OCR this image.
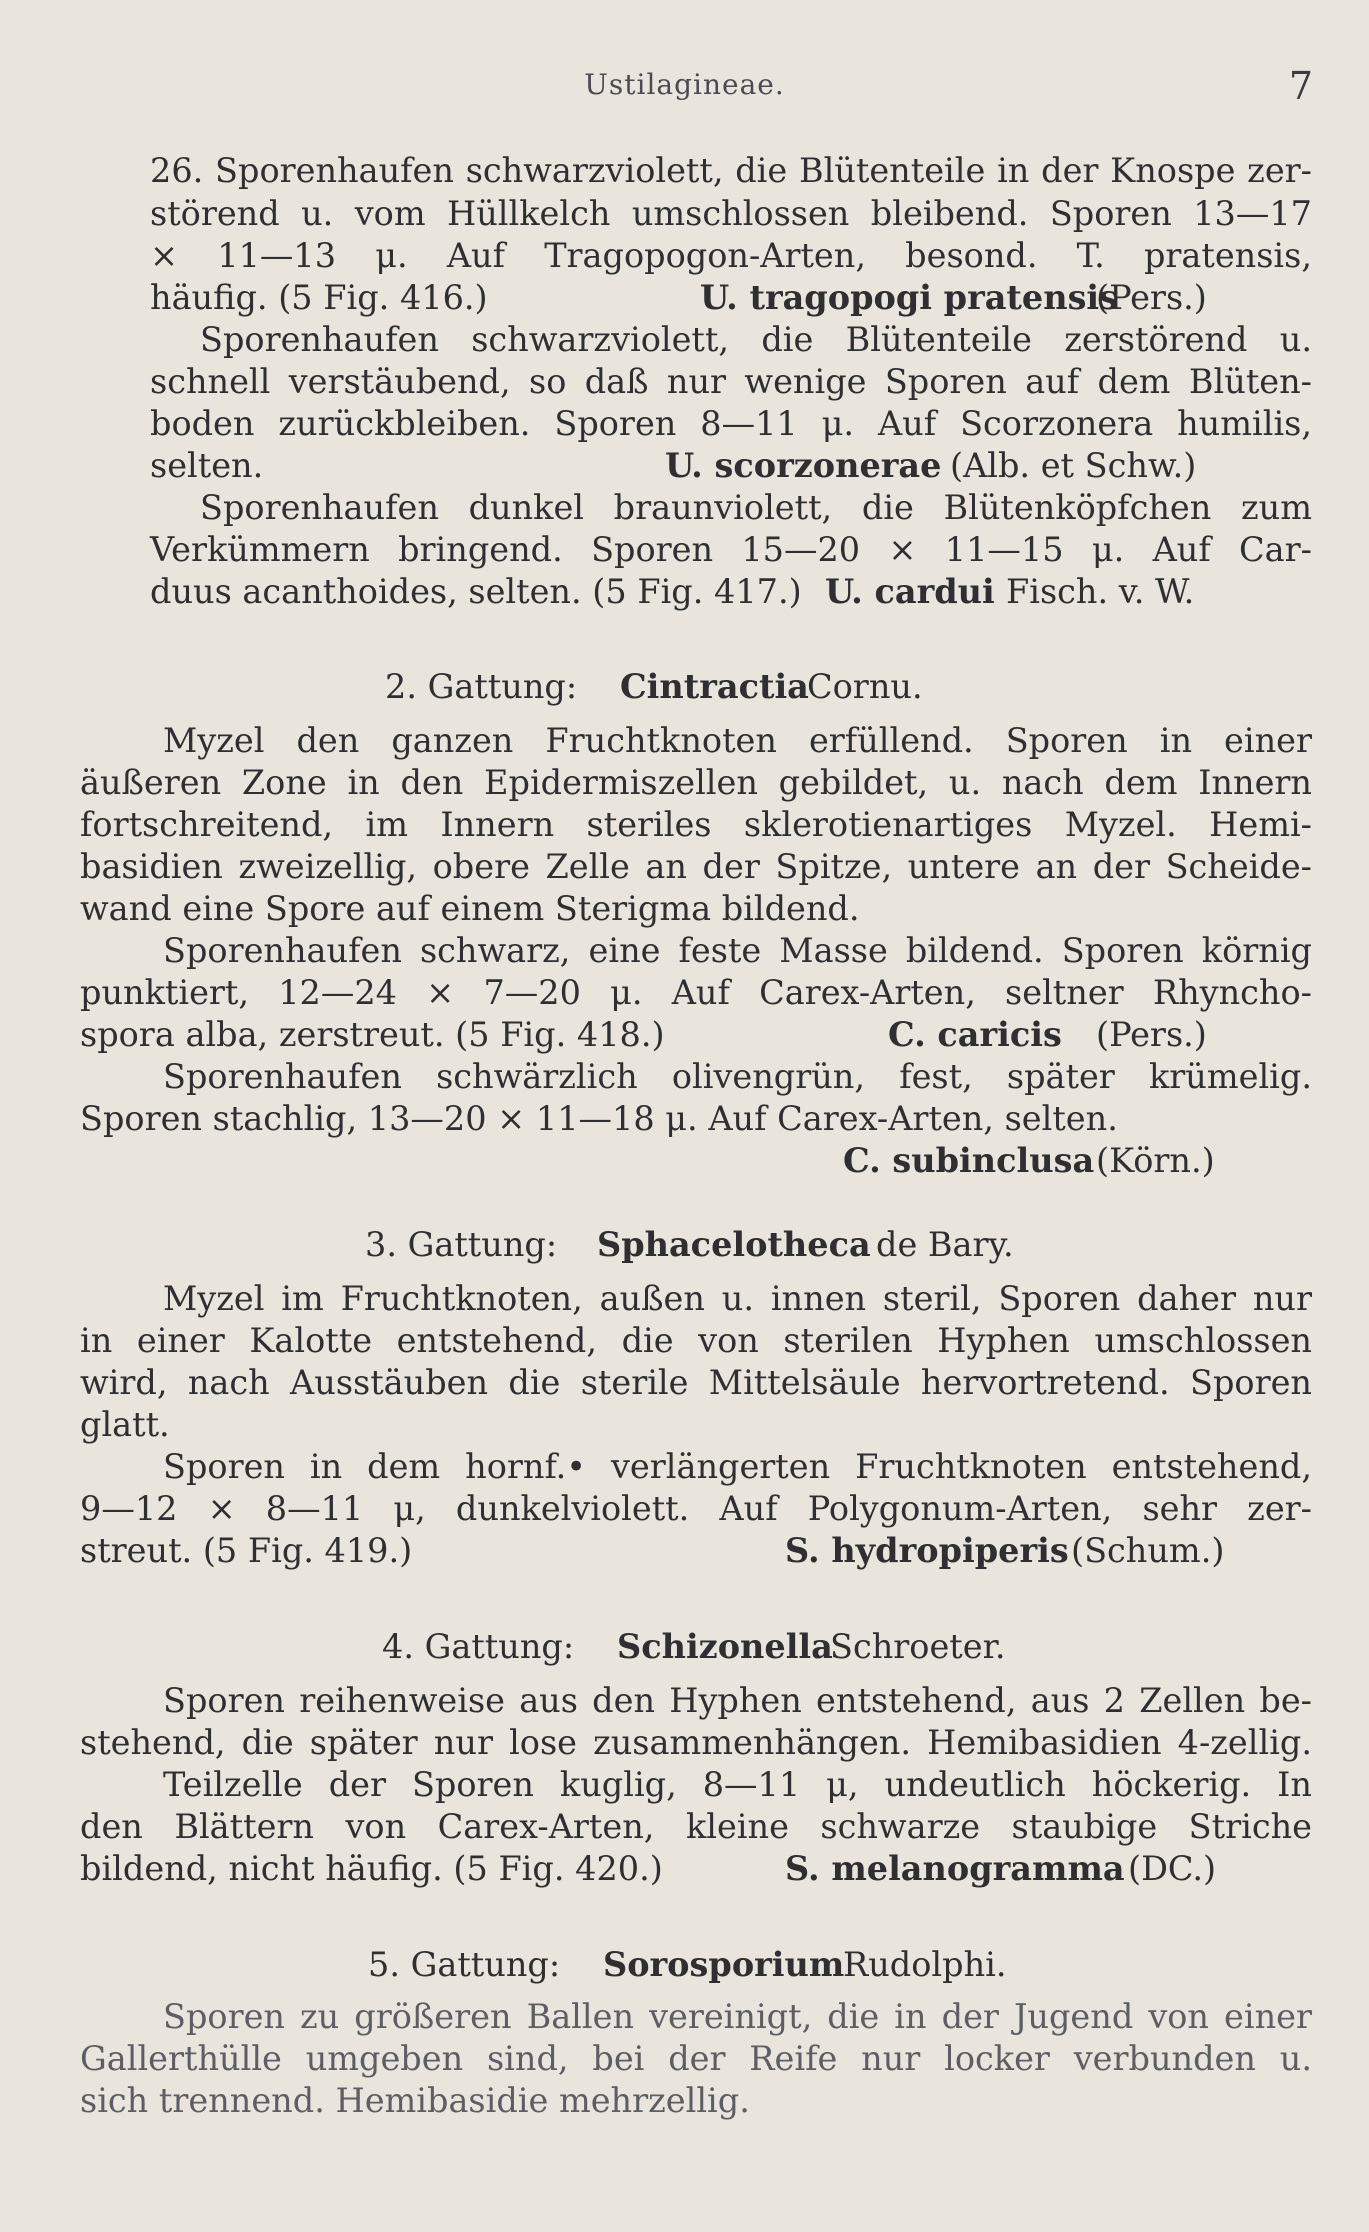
Ustilagineae.	7
26. Sporenhaufen schwarzviolett, die Blütenteile in der Knospe zer-
störend u. vom Hüllkelch umschlossen bleibend. Sporen 13—17
× 11—13 μ. Auf Tragopogon-Arten, besond. T. pratensis,
häufig. (5 Fig. 416.)	U. tragopogi pratensis
(Pers.)
Sporenhaufen schwarzviolett, die Blütenteile zerstörend u.
schnell verstäubend, so daß nur wenige Sporen auf dem Blüten-
boden zurückbleiben. Sporen 8—11 μ. Auf Scorzonera humilis,
selten.	U. scorzonerae (Alb. et Schw.)
Sporenhaufen dunkel braunviolett, die Blütenköpfchen zum
Verkümmern bringend. Sporen 15—20 × 11—15 μ. Auf Car-
duus acanthoides, selten. (5 Fig. 417.) U. cardui Fisch. v. W.
2. Gattung: Cintractia
Cornu.
Myzel den ganzen Fruchtknoten erfüllend. Sporen in einer
äußeren Zone in den Epidermiszellen gebildet, u. nach dem Innern
fortschreitend, im Innern steriles sklerotienartiges Myzel. Hemi-
basidien zweizellig, obere Zelle an der Spitze, untere an der Scheide-
wand eine Spore auf einem Sterigma bildend.
Sporenhaufen schwarz, eine feste Masse bildend. Sporen körnig
punktiert, 12—24 × 7—20 μ. Auf Carex-Arten, seltner Rhyncho-
spora alba, zerstreut. (5 Fig. 418.)	C. caricis (Pers.)
Sporenhaufen schwärzlich olivengrün, fest, später krümelig.
Sporen stachlig, 13—20 × 11—18 μ. Auf Carex-Arten, selten.
C. subinclusa (Körn.)
3. Gattung: Sphacelotheca de Bary.
Myzel im Fruchtknoten, außen u. innen steril, Sporen daher nur
in einer Kalotte entstehend, die von sterilen Hyphen umschlossen
wird, nach Ausstäuben die sterile Mittelsäule hervortretend. Sporen
glatt.
Sporen in dem hornf.• verlängerten Fruchtknoten entstehend,
9—12 × 8—11 μ, dunkelviolett. Auf Polygonum-Arten, sehr zer-
streut. (5 Fig. 419.)	S. hydropiperis (Schum.)
4. Gattung: Schizonella
Schroeter.
Sporen reihenweise aus den Hyphen entstehend, aus 2 Zellen be-
stehend, die später nur lose zusammenhängen. Hemibasidien 4-zellig.
Teilzelle der Sporen kuglig, 8—11 μ, undeutlich höckerig. In
den Blättern von Carex-Arten, kleine schwarze staubige Striche
bildend, nicht häufig. (5 Fig. 420.)	S. melanogramma (DC.)
5. Gattung: Sorosporium
Rudolphi.
Sporen zu größeren Ballen vereinigt, die in der Jugend von einer
Gallerthülle umgeben sind, bei der Reife nur locker verbunden u.
sich trennend. Hemibasidie mehrzellig.
